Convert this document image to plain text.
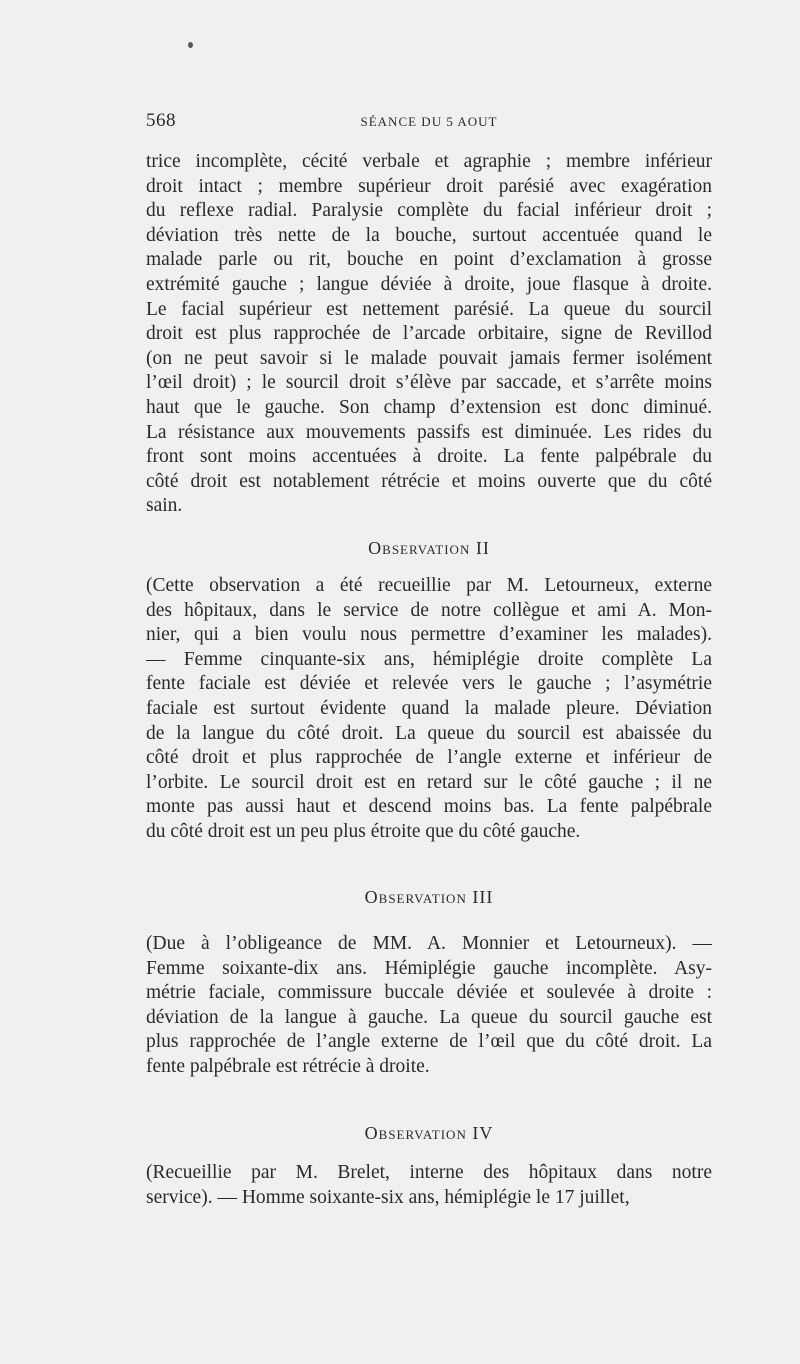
568	SÉANCE DU 5 AOUT
trice incomplète, cécité verbale et agraphie ; membre inférieur
droit intact ; membre supérieur droit parésié avec exagération
du reflexe radial. Paralysie complète du facial inférieur droit ;
déviation très nette de la bouche, surtout accentuée quand le
malade parle ou rit, bouche en point d’exclamation à grosse
extrémité gauche ; langue déviée à droite, joue flasque à droite.
Le facial supérieur est nettement parésié. La queue du sourcil
droit est plus rapprochée de l’arcade orbitaire, signe de Revillod
(on ne peut savoir si le malade pouvait jamais fermer isolément
l’œil droit) ; le sourcil droit s’élève par saccade, et s’arrête moins
haut que le gauche. Son champ d’extension est donc diminué.
La résistance aux mouvements passifs est diminuée. Les rides du
front sont moins accentuées à droite. La fente palpébrale du
côté droit est notablement rétrécie et moins ouverte que du côté
sain.
Observation II
(Cette observation a été recueillie par M. Letourneux, externe
des hôpitaux, dans le service de notre collègue et ami A. Mon-
nier, qui a bien voulu nous permettre d’examiner les malades).
— Femme cinquante-six ans, hémiplégie droite complète La
fente faciale est déviée et relevée vers le gauche ; l’asymétrie
faciale est surtout évidente quand la malade pleure. Déviation
de la langue du côté droit. La queue du sourcil est abaissée du
côté droit et plus rapprochée de l’angle externe et inférieur de
l’orbite. Le sourcil droit est en retard sur le côté gauche ; il ne
monte pas aussi haut et descend moins bas. La fente palpébrale
du côté droit est un peu plus étroite que du côté gauche.
Observation III
(Due à l’obligeance de MM. A. Monnier et Letourneux). —
Femme soixante-dix ans. Hémiplégie gauche incomplète. Asy-
métrie faciale, commissure buccale déviée et soulevée à droite :
déviation de la langue à gauche. La queue du sourcil gauche est
plus rapprochée de l’angle externe de l’œil que du côté droit. La
fente palpébrale est rétrécie à droite.
Observation IV
(Recueillie par M. Brelet, interne des hôpitaux dans notre
service). — Homme soixante-six ans, hémiplégie le 17 juillet,
